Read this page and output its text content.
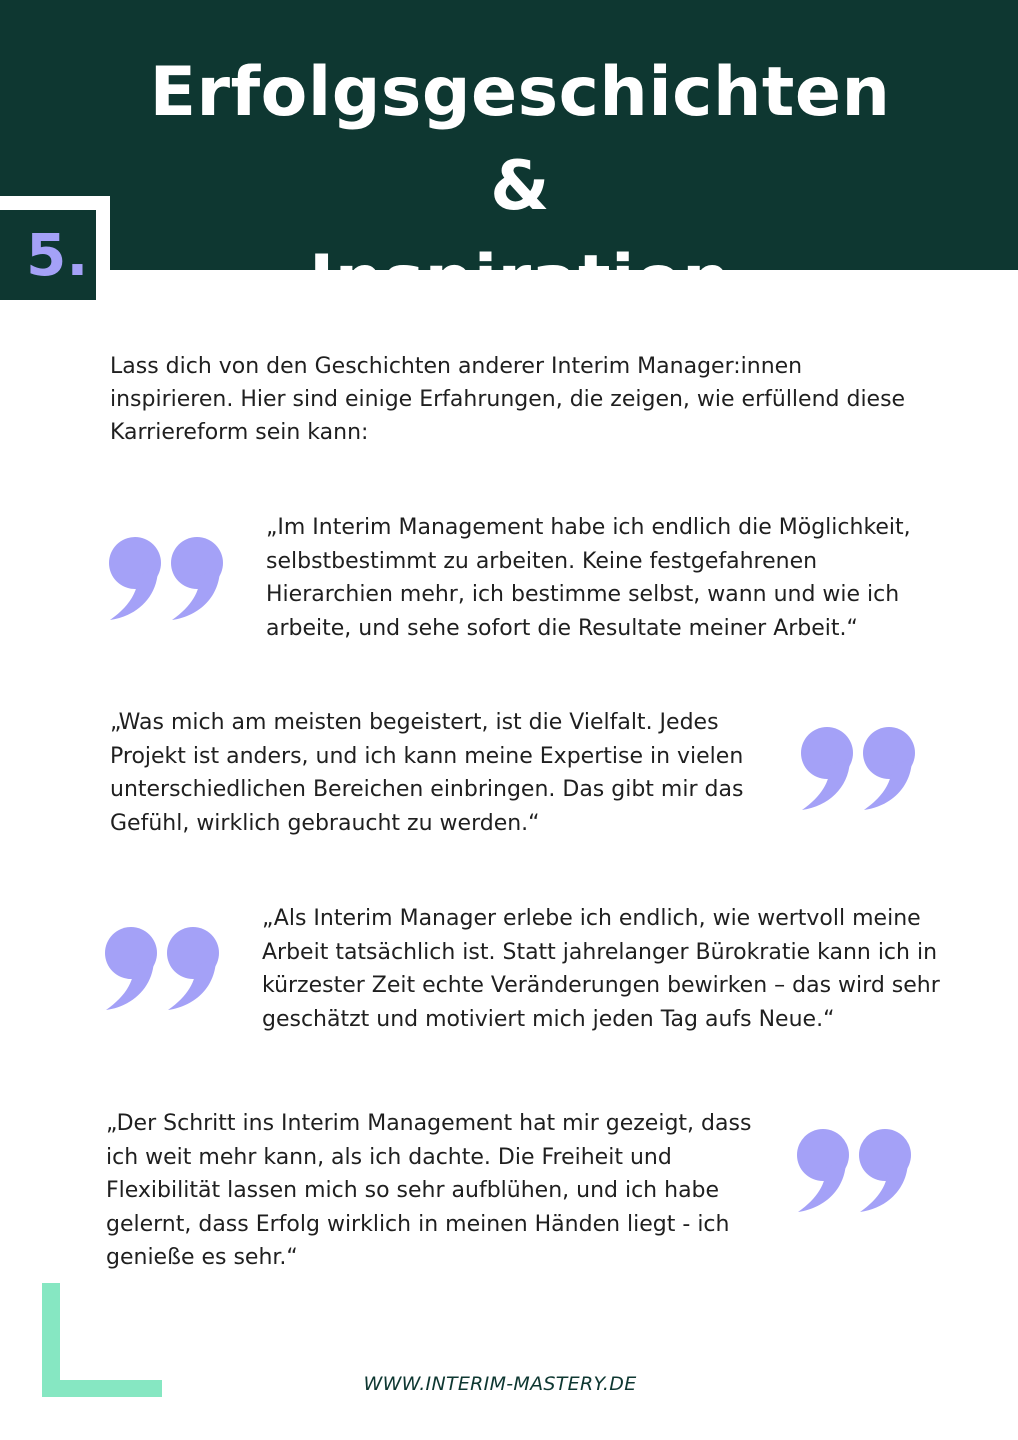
Erfolgsgeschichten &
Inspiration
5.

Lass dich von den Geschichten anderer Interim Manager:innen inspirieren. Hier sind einige Erfahrungen, die zeigen, wie erfüllend diese Karriereform sein kann:

„Im Interim Management habe ich endlich die Möglichkeit, selbstbestimmt zu arbeiten. Keine festgefahrenen Hierarchien mehr, ich bestimme selbst, wann und wie ich arbeite, und sehe sofort die Resultate meiner Arbeit.“

„Was mich am meisten begeistert, ist die Vielfalt. Jedes Projekt ist anders, und ich kann meine Expertise in vielen unterschiedlichen Bereichen einbringen. Das gibt mir das Gefühl, wirklich gebraucht zu werden.“

„Als Interim Manager erlebe ich endlich, wie wertvoll meine Arbeit tatsächlich ist. Statt jahrelanger Bürokratie kann ich in kürzester Zeit echte Veränderungen bewirken – das wird sehr geschätzt und motiviert mich jeden Tag aufs Neue.“

„Der Schritt ins Interim Management hat mir gezeigt, dass ich weit mehr kann, als ich dachte. Die Freiheit und Flexibilität lassen mich so sehr aufblühen, und ich habe gelernt, dass Erfolg wirklich in meinen Händen liegt - ich genieße es sehr.“

WWW.INTERIM-MASTERY.DE
